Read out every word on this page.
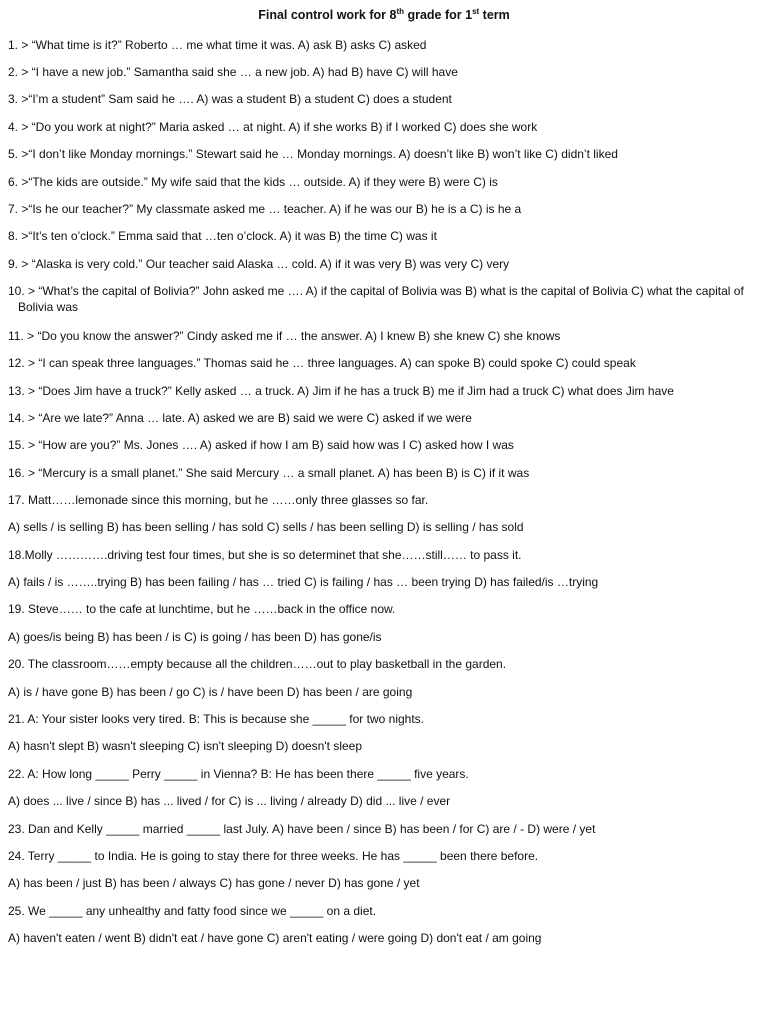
Final control work for 8th grade for 1st term
1. > “What time is it?” Roberto … me what time it was. A) ask B) asks C) asked
2. > “I have a new job.” Samantha said she … a new job. A) had B) have C) will have
3. >“I’m a student” Sam said he …. A) was a student B) a student C) does a student
4. > “Do you work at night?” Maria asked … at night. A) if she works B) if I worked C) does she work
5. >“I don’t like Monday mornings.” Stewart said he … Monday mornings. A) doesn’t like B) won’t like C) didn’t liked
6. >“The kids are outside.” My wife said that the kids … outside. A) if they were B) were C) is
7. >“Is he our teacher?” My classmate asked me … teacher. A) if he was our B) he is a C) is he a
8. >“It’s ten o’clock.” Emma said that …ten o’clock. A) it was B) the time C) was it
9. > “Alaska is very cold.” Our teacher said Alaska … cold. A) if it was very B) was very C) very
10. > “What’s the capital of Bolivia?” John asked me …. A) if the capital of Bolivia was B) what is the capital of Bolivia C) what the capital of Bolivia was
11. > “Do you know the answer?” Cindy asked me if … the answer. A) I knew B) she knew C) she knows
12. > “I can speak three languages.” Thomas said he … three languages. A) can spoke B) could spoke C) could speak
13. > “Does Jim have a truck?” Kelly asked … a truck. A) Jim if he has a truck B) me if Jim had a truck C) what does Jim have
14. > “Are we late?” Anna … late. A) asked we are B) said we were C) asked if we were
15. > “How are you?” Ms. Jones …. A) asked if how I am B) said how was I C) asked how I was
16. > “Mercury is a small planet.” She said Mercury … a small planet. A) has been B) is C) if it was
17. Matt……lemonade since this morning, but he ……only three glasses so far.
A) sells / is selling B) has been selling / has sold C) sells / has been selling D) is selling / has sold
18.Molly ………….driving test four times, but she is so determinet that she……still…… to pass it.
A) fails / is ……..trying B) has been failing / has … tried C) is failing / has … been trying D) has failed/is …trying
19. Steve…… to the cafe at lunchtime, but he ……back in the office now.
A) goes/is being B) has been / is C) is going / has been D) has gone/is
20. The classroom……empty because all the children……out to play basketball in the garden.
A) is / have gone B) has been / go C) is / have been D) has been / are going
21. A: Your sister looks very tired. B: This is because she _____ for two nights.
A) hasn't slept B) wasn't sleeping C) isn't sleeping D) doesn't sleep
22. A: How long _____ Perry _____ in Vienna? B: He has been there _____ five years.
A) does ... live / since B) has ... lived / for C) is ... living / already D) did ... live / ever
23. Dan and Kelly _____ married _____ last July. A) have been / since B) has been / for C) are / - D) were / yet
24. Terry _____ to India. He is going to stay there for three weeks. He has _____ been there before.
A) has been / just B) has been / always C) has gone / never D) has gone / yet
25. We _____ any unhealthy and fatty food since we _____ on a diet.
A) haven't eaten / went B) didn't eat / have gone C) aren't eating / were going D) don't eat / am going
